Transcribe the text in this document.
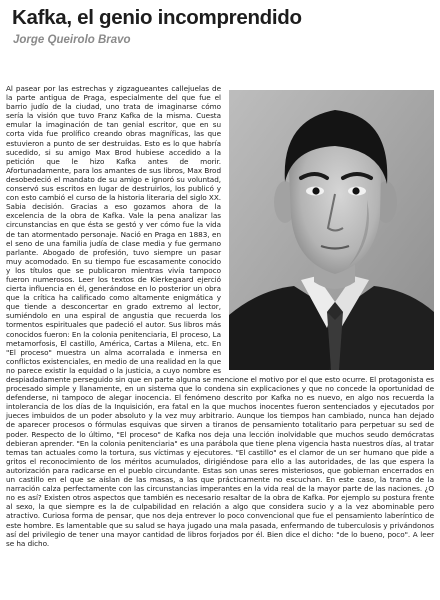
Kafka, el genio incomprendido

Jorge Queirolo Bravo

Al pasear por las estrechas y zigzagueantes callejuelas de la parte antigua de Praga, especialmente del que fue el barrio judío de la ciudad, uno trata de imaginarse cómo sería la visión que tuvo Franz Kafka de la misma. Cuesta emular la imaginación de tan genial escritor, que en su corta vida fue prolífico creando obras magníficas, las que estuvieron a punto de ser destruidas. Esto es lo que habría sucedido, si su amigo Max Brod hubiese accedido a la petición que le hizo Kafka antes de morir. Afortunadamente, para los amantes de sus libros, Max Brod desobedeció el mandato de su amigo e ignoró su voluntad, conservó sus escritos en lugar de destruirlos, los publicó y con esto cambió el curso de la historia literaria del siglo XX. Sabia decisión. Gracias a eso gozamos ahora de la excelencia de la obra de Kafka. Vale la pena analizar las circunstancias en que ésta se gestó y ver cómo fue la vida de tan atormentado personaje. Nació en Praga en 1883, en el seno de una familia judía de clase media y fue germano parlante. Abogado de profesión, tuvo siempre un pasar muy acomodado. En su tiempo fue escasamente conocido y los títulos que se publicaron mientras vivía tampoco fueron numerosos. Leer los textos de Kierkegaard ejerció cierta influencia en él, generándose en lo posterior un obra que la crítica ha calificado como altamente enigmática y que tiende a desconcertar en grado extremo al lector, sumiéndolo en una espiral de angustia que recuerda los tormentos espirituales que padeció el autor. Sus libros más conocidos fueron: En la colonia penitenciaria, El proceso, La metamorfosis, El castillo, América, Cartas a Milena, etc. En "El proceso" muestra un alma acorralada e inmersa en conflictos existenciales, en medio de una realidad en la que no parece existir la equidad o la justicia, a cuyo nombre es despiadadamente perseguido sin que en parte alguna se mencione el motivo por el que esto ocurre. El protagonista es procesado simple y llanamente, en un sistema que lo condena sin explicaciones y que no concede la oportunidad de defenderse, ni tampoco de alegar inocencia. El fenómeno descrito por Kafka no es nuevo, en algo nos recuerda la intolerancia de los días de la Inquisición, era fatal en la que muchos inocentes fueron sentenciados y ejecutados por jueces imbuidos de un poder absoluto y la vez muy arbitrario. Aunque los tiempos han cambiado, nunca han dejado de aparecer procesos o fórmulas esquivas que sirven a tiranos de pensamiento totalitario para perpetuar su sed de poder. Respecto de lo último, "El proceso" de Kafka nos deja una lección inolvidable que muchos seudo demócratas debieran aprender. "En la colonia penitenciaria" es una parábola que tiene plena vigencia hasta nuestros días, al tratar temas tan actuales como la tortura, sus víctimas y ejecutores. "El castillo" es el clamor de un ser humano que pide a gritos el reconocimiento de los méritos acumulados, dirigiéndose para ello a las autoridades, de las que espera la autorización para radicarse en el pueblo circundante. Estas son unas seres misteriosos, que gobiernan encerrados en un castillo en el que se aíslan de las masas, a las que prácticamente no escuchan. En este caso, la trama de la narración calza perfectamente con las circunstancias imperantes en la vida real de la mayor parte de las naciones. ¿O no es así? Existen otros aspectos que también es necesario resaltar de la obra de Kafka. Por ejemplo su postura frente al sexo, la que siempre es la de culpabilidad en relación a algo que considera sucio y a la vez abominable pero atractivo. Curiosa forma de pensar, que nos deja entrever lo poco convencional que fue el pensamiento laberíntico de este hombre. Es lamentable que su salud se haya jugado una mala pasada, enfermando de tuberculosis y privándonos así del privilegio de tener una mayor cantidad de libros forjados por él. Bien dice el dicho: "de lo bueno, poco". A leer se ha dicho.
